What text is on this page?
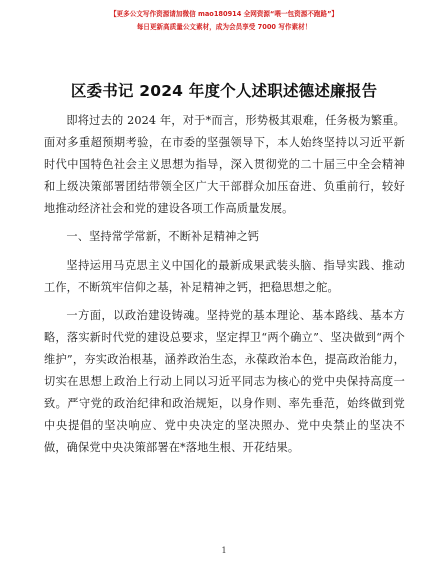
【更多公文写作资源请加微信 mao180914 全网资源“喂一包资源不跑路”】
每日更新高质量公文素材，成为会员享受 7000 写作素材！
区委书记 2024 年度个人述职述德述廉报告

即将过去的 2024 年，对于*而言，形势极其艰难，任务极为繁重。面对多重超预期考验，在市委的坚强领导下，本人始终坚持以习近平新时代中国特色社会主义思想为指导，深入贯彻党的二十届三中全会精神和上级决策部署团结带领全区广大干部群众加压奋进、负重前行，较好地推动经济社会和党的建设各项工作高质量发展。

一、坚持常学常新，不断补足精神之钙

坚持运用马克思主义中国化的最新成果武装头脑、指导实践、推动工作，不断筑牢信仰之基，补足精神之钙，把稳思想之舵。

一方面，以政治建设铸魂。坚持党的基本理论、基本路线、基本方略，落实新时代党的建设总要求，坚定捍卫“两个确立”、坚决做到“两个维护”，夯实政治根基，涵养政治生态，永葆政治本色，提高政治能力，切实在思想上政治上行动上同以习近平同志为核心的党中央保持高度一致。严守党的政治纪律和政治规矩，以身作则、率先垂范，始终做到党中央提倡的坚决响应、党中央决定的坚决照办、党中央禁止的坚决不做，确保党中央决策部署在*落地生根、开花结果。

1
